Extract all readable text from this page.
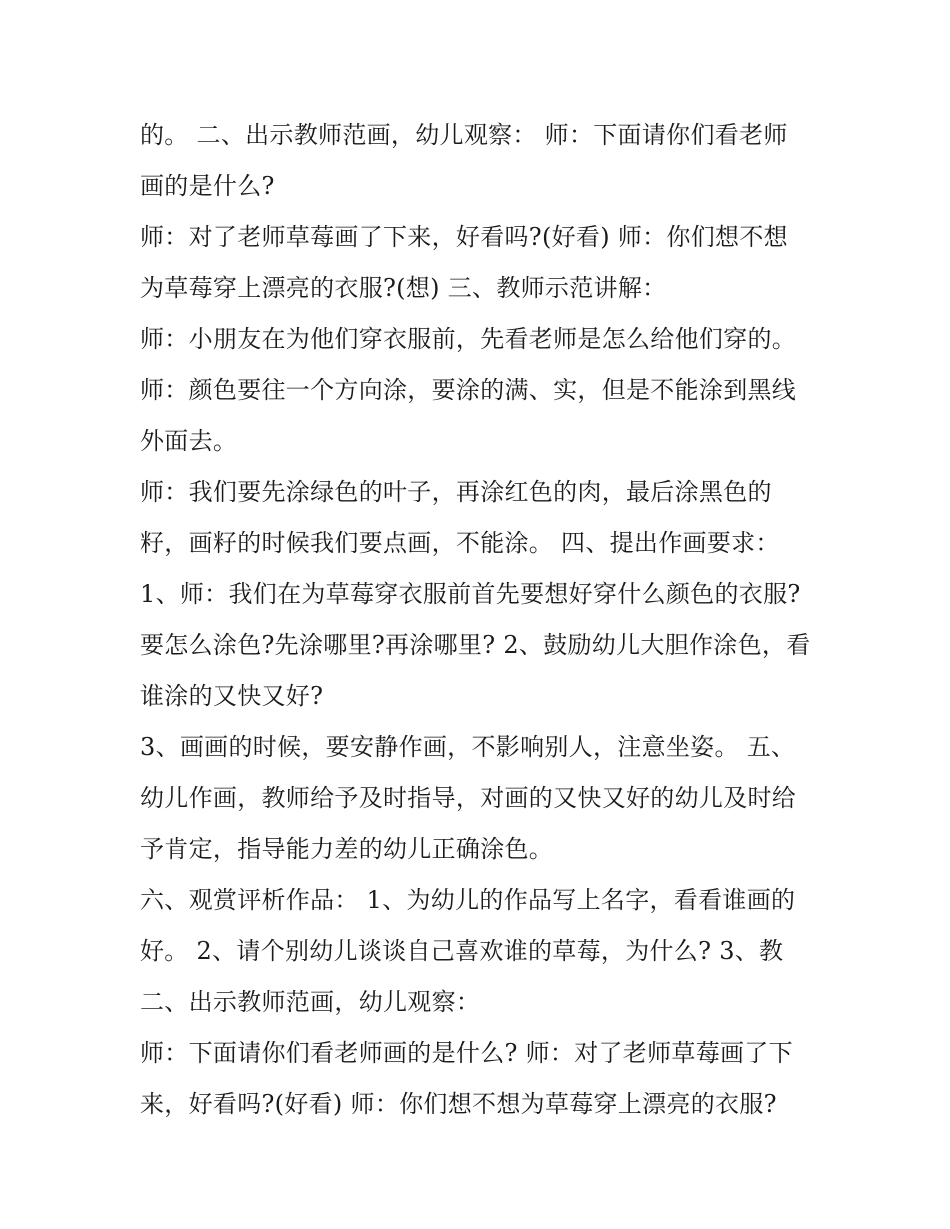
的。 二、出示教师范画，幼儿观察： 师：下面请你们看老师
画的是什么?
师：对了老师草莓画了下来，好看吗?(好看) 师：你们想不想
为草莓穿上漂亮的衣服?(想) 三、教师示范讲解：
师：小朋友在为他们穿衣服前，先看老师是怎么给他们穿的。
师：颜色要往一个方向涂，要涂的满、实，但是不能涂到黑线
外面去。
师：我们要先涂绿色的叶子，再涂红色的肉，最后涂黑色的
籽，画籽的时候我们要点画，不能涂。 四、提出作画要求：
1、师：我们在为草莓穿衣服前首先要想好穿什么颜色的衣服?
要怎么涂色?先涂哪里?再涂哪里? 2、鼓励幼儿大胆作涂色，看
谁涂的又快又好?
3、画画的时候，要安静作画，不影响别人，注意坐姿。 五、
幼儿作画，教师给予及时指导，对画的又快又好的幼儿及时给
予肯定，指导能力差的幼儿正确涂色。
六、观赏评析作品： 1、为幼儿的作品写上名字，看看谁画的
好。 2、请个别幼儿谈谈自己喜欢谁的草莓，为什么? 3、教
二、出示教师范画，幼儿观察：
师：下面请你们看老师画的是什么? 师：对了老师草莓画了下
来，好看吗?(好看) 师：你们想不想为草莓穿上漂亮的衣服?
